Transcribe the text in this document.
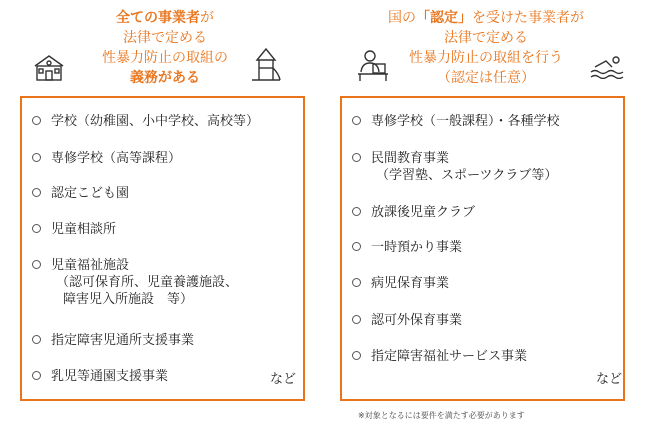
全ての事業者が
法律で定める
性暴力防止の取組の
義務がある
学校（幼稚園、小中学校、高校等）
専修学校（高等課程）
認定こども園
児童相談所
児童福祉施設
（認可保育所、児童養護施設、
障害児入所施設　等）
指定障害児通所支援事業
乳児等通園支援事業	など
国の「認定」を受けた事業者が
法律で定める
性暴力防止の取組を行う
（認定は任意）
専修学校（一般課程）・各種学校
民間教育事業
（学習塾、スポーツクラブ等）
放課後児童クラブ
一時預かり事業
病児保育事業
認可外保育事業
指定障害福祉サービス事業
など
※対象となるには要件を満たす必要があります
